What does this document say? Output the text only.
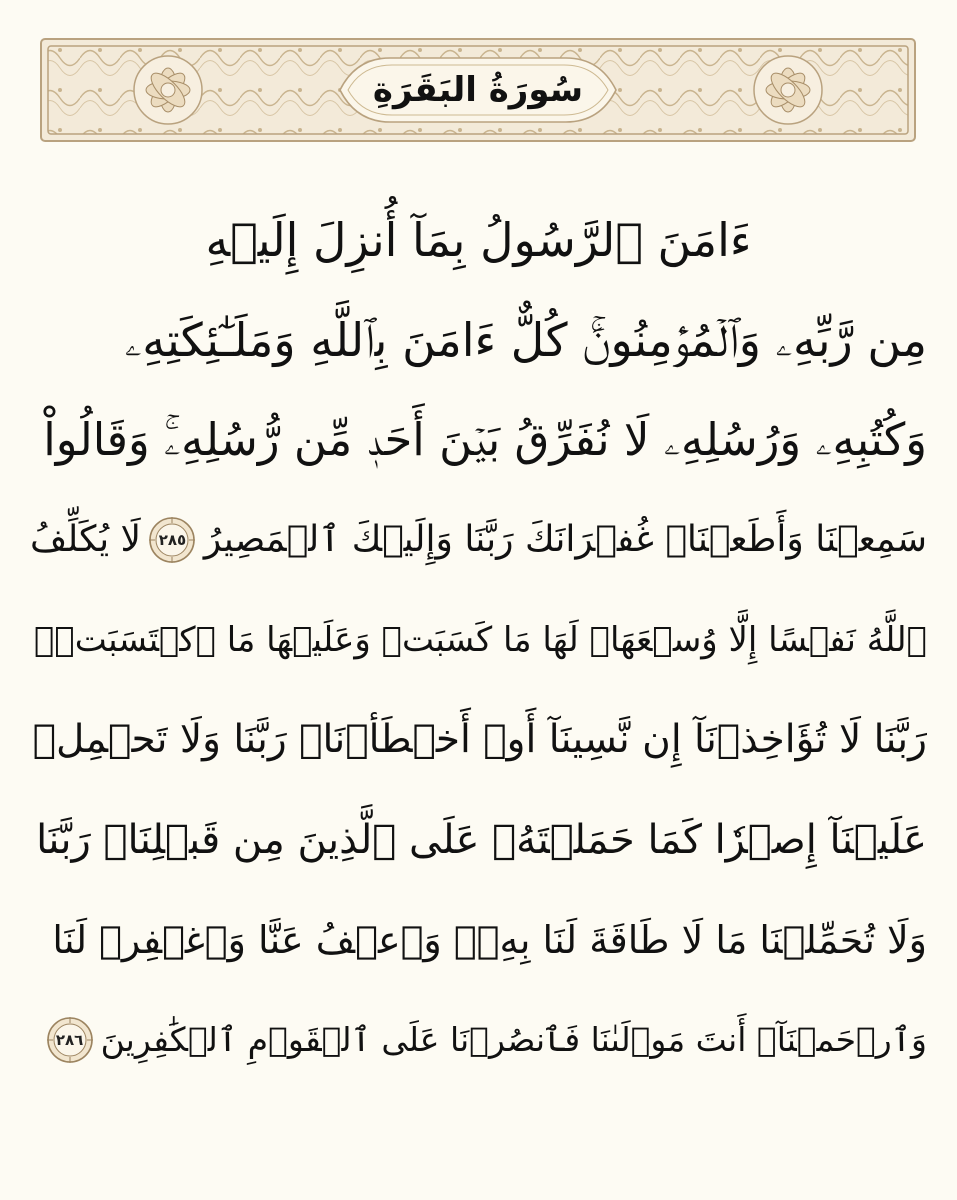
سُورَةُ البَقَرَةِ
ءَامَنَ ٱلرَّسُولُ بِمَآ أُنزِلَ إِلَيۡهِ
مِن رَّبِّهِۦ وَٱلۡمُؤۡمِنُونَۚ كُلٌّ ءَامَنَ بِٱللَّهِ وَمَلَـٰٓئِكَتِهِۦ
وَكُتُبِهِۦ وَرُسُلِهِۦ لَا نُفَرِّقُ بَيۡنَ أَحَدٖ مِّن رُّسُلِهِۦۚ وَقَالُواْ
سَمِعۡنَا وَأَطَعۡنَاۖ غُفۡرَانَكَ رَبَّنَا وَإِلَيۡكَ ٱلۡمَصِيرُ
٢٨٥
لَا يُكَلِّفُ
ٱللَّهُ نَفۡسًا إِلَّا وُسۡعَهَاۚ لَهَا مَا كَسَبَتۡ وَعَلَيۡهَا مَا ٱكۡتَسَبَتۡۗ
رَبَّنَا لَا تُؤَاخِذۡنَآ إِن نَّسِينَآ أَوۡ أَخۡطَأۡنَاۚ رَبَّنَا وَلَا تَحۡمِلۡ
عَلَيۡنَآ إِصۡرٗا كَمَا حَمَلۡتَهُۥ عَلَى ٱلَّذِينَ مِن قَبۡلِنَاۚ رَبَّنَا
وَلَا تُحَمِّلۡنَا مَا لَا طَاقَةَ لَنَا بِهِۦۖ وَٱعۡفُ عَنَّا وَٱغۡفِرۡ لَنَا
وَٱرۡحَمۡنَآۚ أَنتَ مَوۡلَىٰنَا فَٱنصُرۡنَا عَلَى ٱلۡقَوۡمِ ٱلۡكَٰفِرِينَ
٢٨٦
